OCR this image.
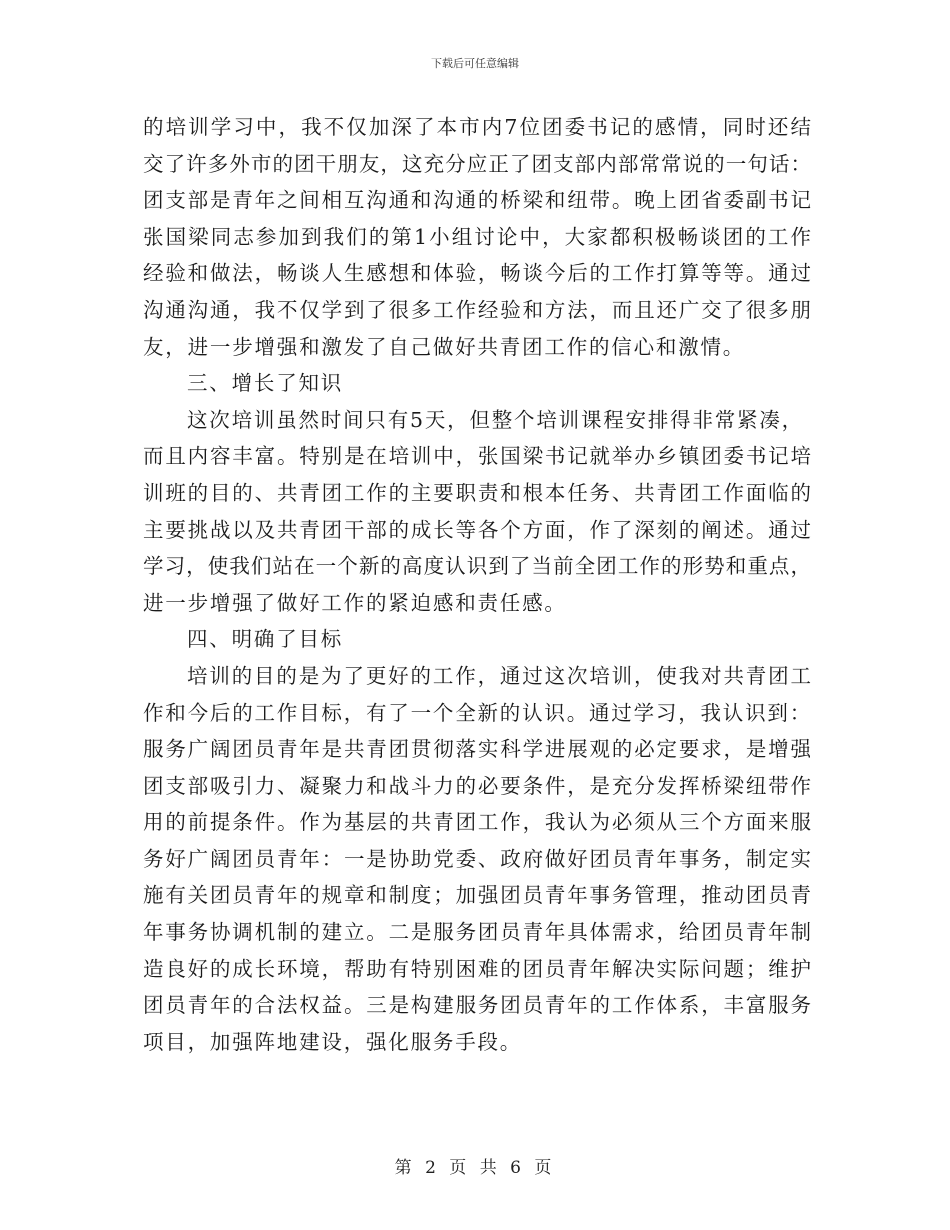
下载后可任意编辑
的培训学习中，我不仅加深了本市内7位团委书记的感情，同时还结
交了许多外市的团干朋友，这充分应正了团支部内部常常说的一句话：
团支部是青年之间相互沟通和沟通的桥梁和纽带。晚上团省委副书记
张国梁同志参加到我们的第1小组讨论中，大家都积极畅谈团的工作
经验和做法，畅谈人生感想和体验，畅谈今后的工作打算等等。通过
沟通沟通，我不仅学到了很多工作经验和方法，而且还广交了很多朋
友，进一步增强和激发了自己做好共青团工作的信心和激情。
三、增长了知识
这次培训虽然时间只有5天，但整个培训课程安排得非常紧凑，
而且内容丰富。特别是在培训中，张国梁书记就举办乡镇团委书记培
训班的目的、共青团工作的主要职责和根本任务、共青团工作面临的
主要挑战以及共青团干部的成长等各个方面，作了深刻的阐述。通过
学习，使我们站在一个新的高度认识到了当前全团工作的形势和重点，
进一步增强了做好工作的紧迫感和责任感。
四、明确了目标
培训的目的是为了更好的工作，通过这次培训，使我对共青团工
作和今后的工作目标，有了一个全新的认识。通过学习，我认识到：
服务广阔团员青年是共青团贯彻落实科学进展观的必定要求，是增强
团支部吸引力、凝聚力和战斗力的必要条件，是充分发挥桥梁纽带作
用的前提条件。作为基层的共青团工作，我认为必须从三个方面来服
务好广阔团员青年：一是协助党委、政府做好团员青年事务，制定实
施有关团员青年的规章和制度；加强团员青年事务管理，推动团员青
年事务协调机制的建立。二是服务团员青年具体需求，给团员青年制
造良好的成长环境，帮助有特别困难的团员青年解决实际问题；维护
团员青年的合法权益。三是构建服务团员青年的工作体系，丰富服务
项目，加强阵地建设，强化服务手段。
第 2 页 共 6 页
